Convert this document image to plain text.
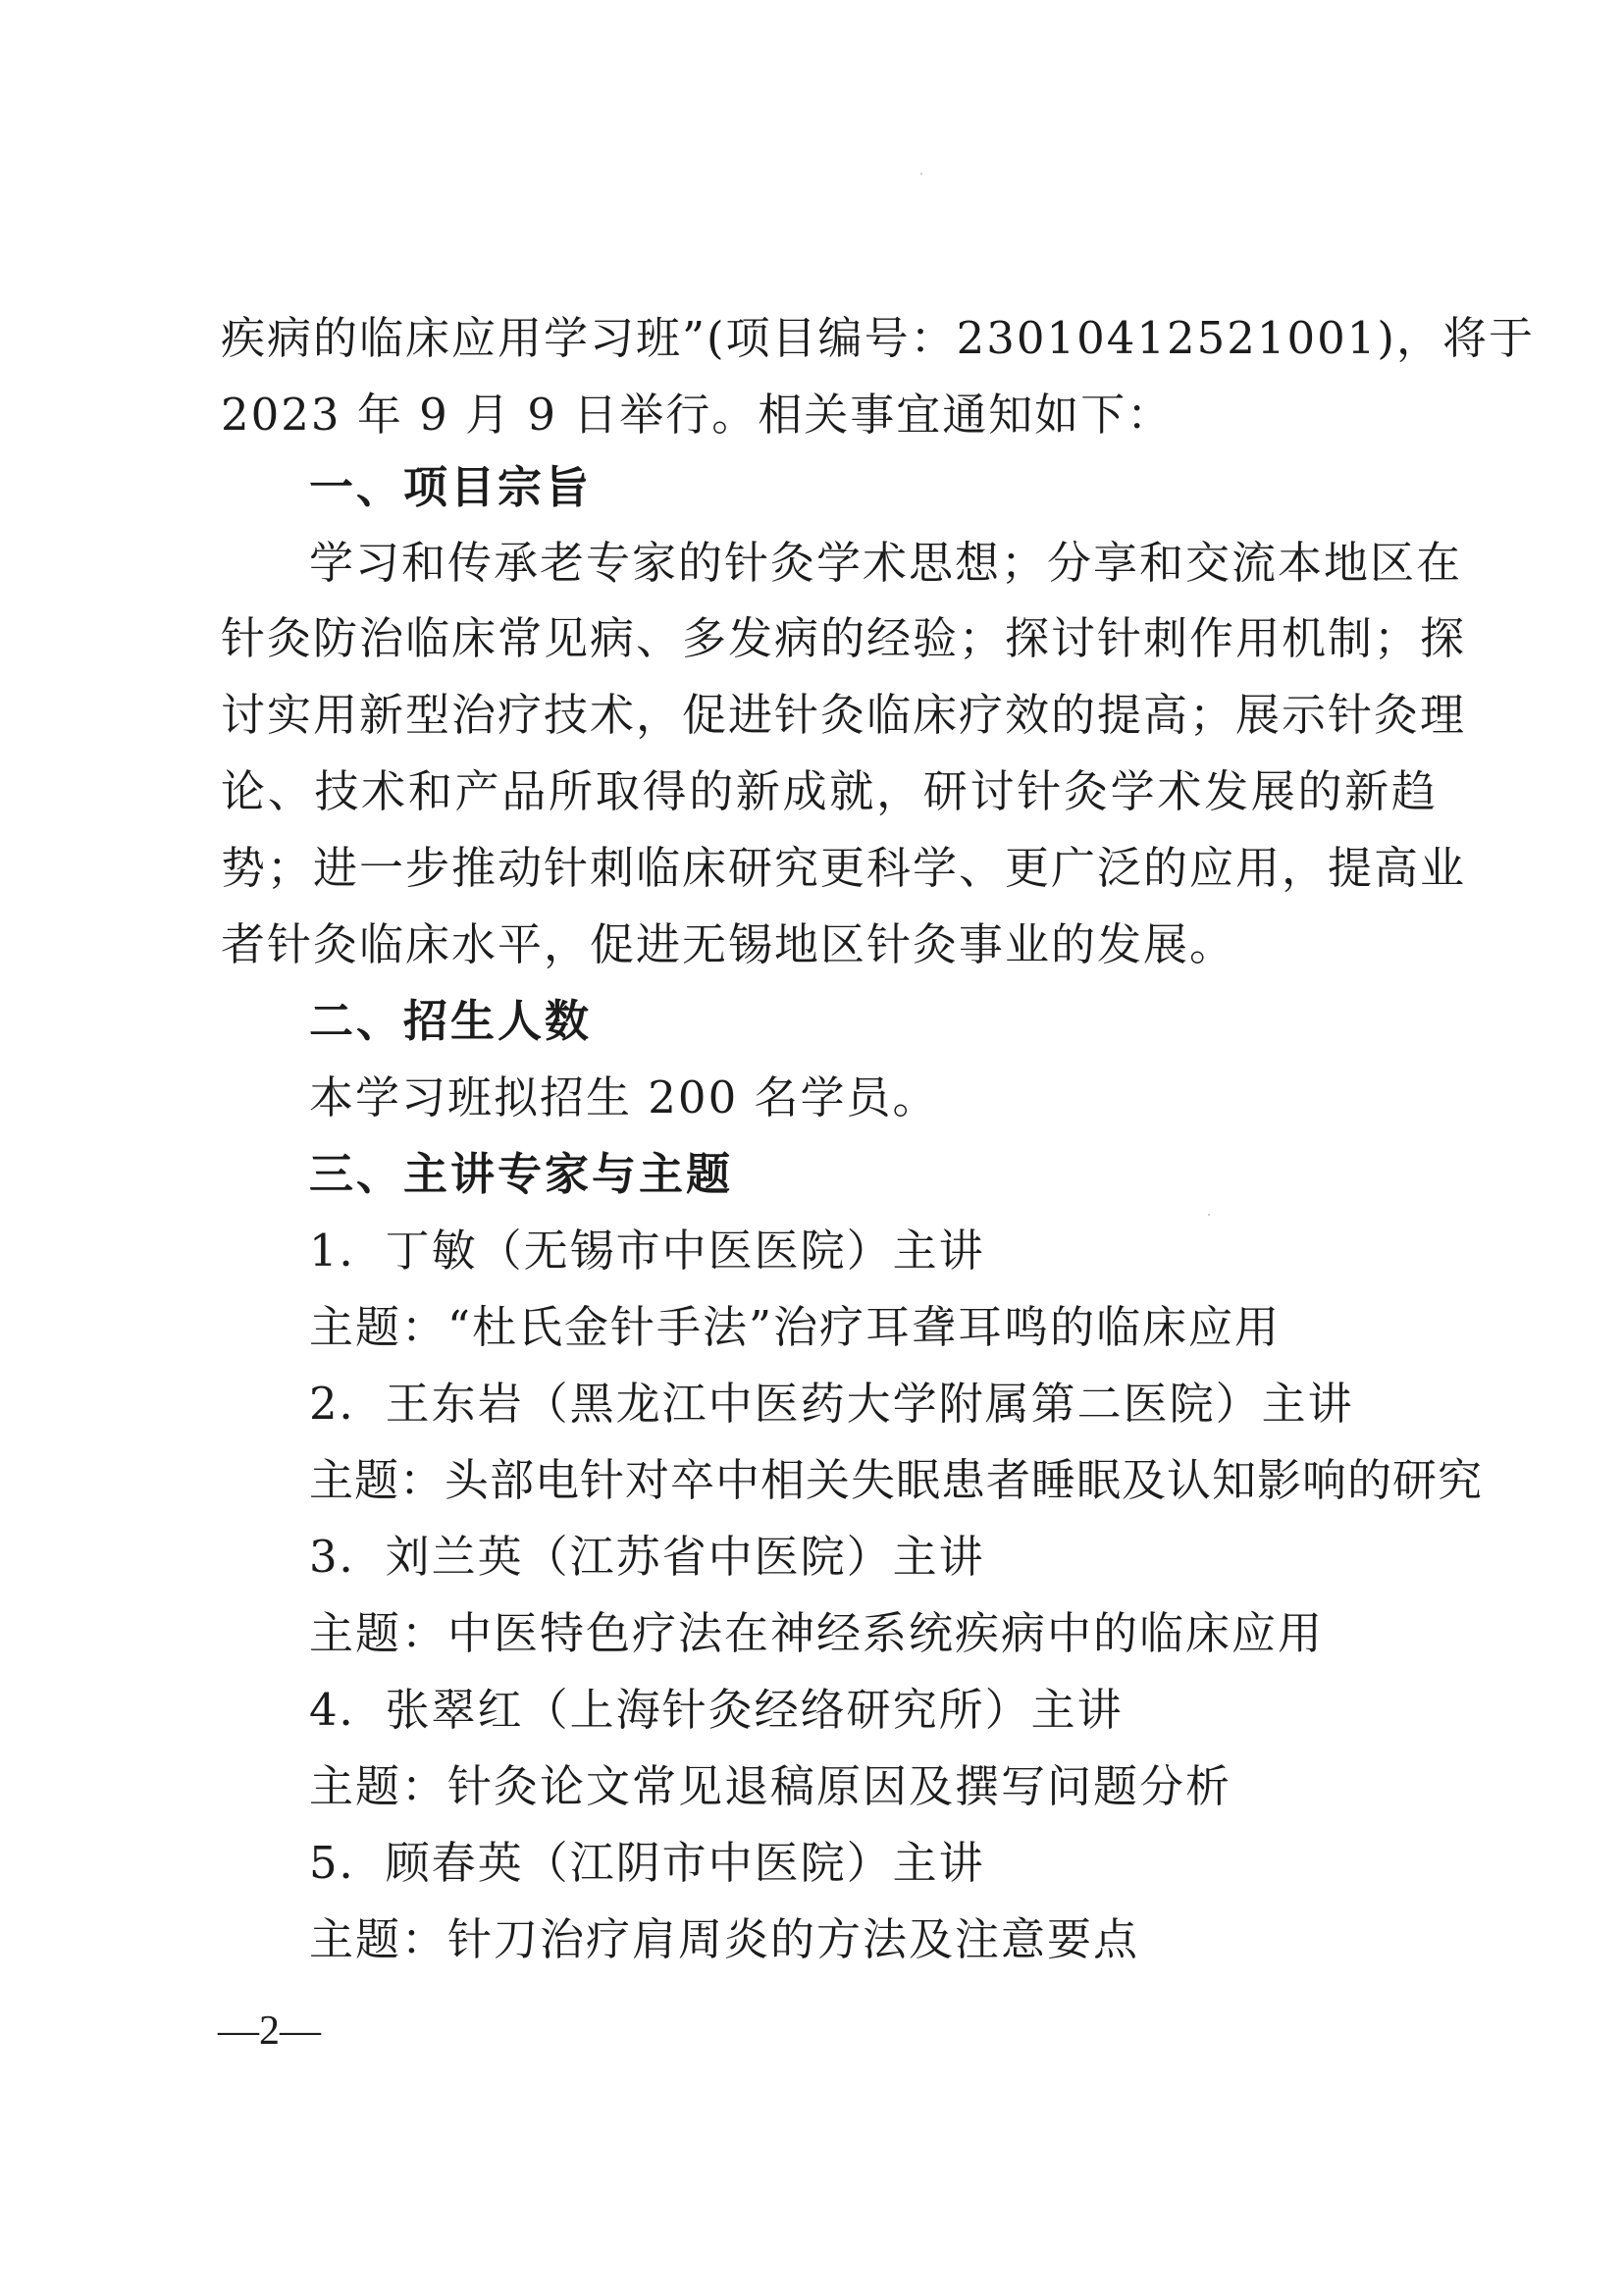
疾病的临床应用学习班”(项目编号：23010412521001)，将于
2023 年 9 月 9 日举行。相关事宜通知如下：
一、项目宗旨
学习和传承老专家的针灸学术思想；分享和交流本地区在
针灸防治临床常见病、多发病的经验；探讨针刺作用机制；探
讨实用新型治疗技术，促进针灸临床疗效的提高；展示针灸理
论、技术和产品所取得的新成就，研讨针灸学术发展的新趋
势；进一步推动针刺临床研究更科学、更广泛的应用，提高业
者针灸临床水平，促进无锡地区针灸事业的发展。
二、招生人数
本学习班拟招生 200 名学员。
三、主讲专家与主题
1．丁敏（无锡市中医医院）主讲
主题：“杜氏金针手法”治疗耳聋耳鸣的临床应用
2．王东岩（黑龙江中医药大学附属第二医院）主讲
主题：头部电针对卒中相关失眠患者睡眠及认知影响的研究
3．刘兰英（江苏省中医院）主讲
主题：中医特色疗法在神经系统疾病中的临床应用
4．张翠红（上海针灸经络研究所）主讲
主题：针灸论文常见退稿原因及撰写问题分析
5．顾春英（江阴市中医院）主讲
主题：针刀治疗肩周炎的方法及注意要点
—2—
